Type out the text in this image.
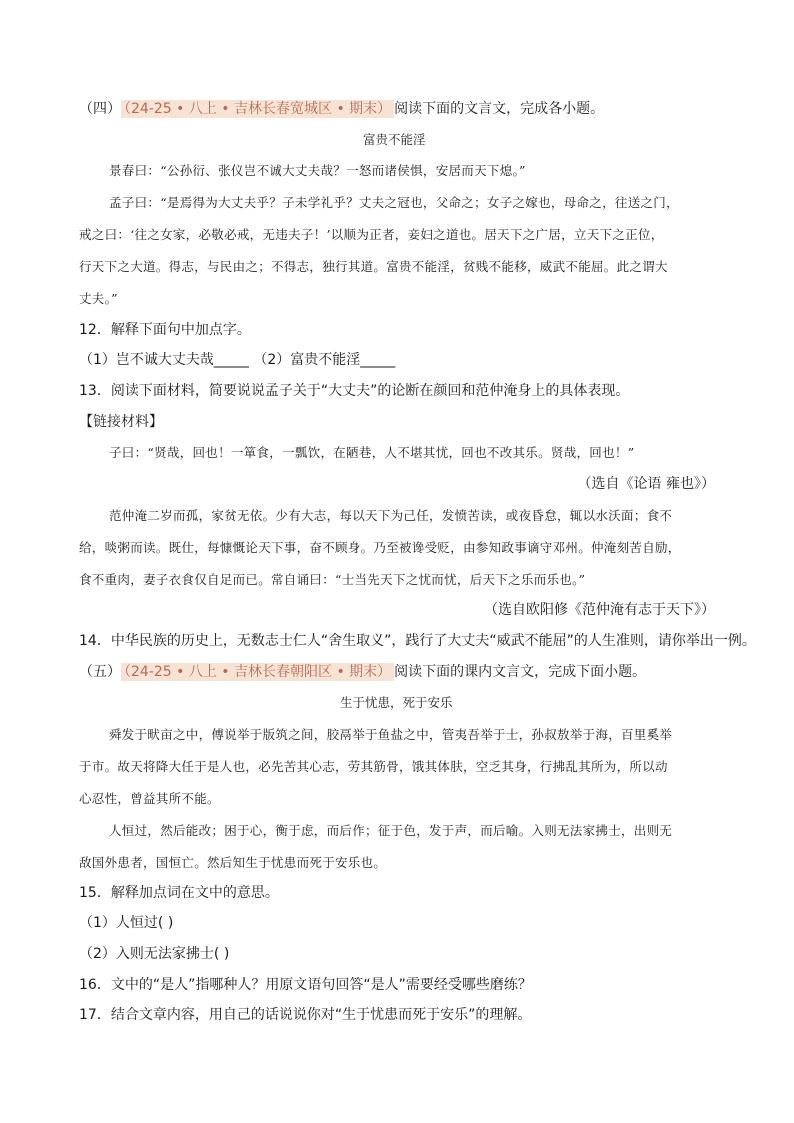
（四） （24-25 • 八上 • 吉林长春宽城区 • 期末） 阅读下面的文言文，完成各小题。
富贵不能淫
景春曰：“公孙衍、张仪岂不诚大丈夫哉？一怒而诸侯惧，安居而天下熄。”
孟子曰：“是焉得为大丈夫乎？子未学礼乎？丈夫之冠也，父命之；女子之嫁也，母命之，往送之门，
戒之曰：‘往之女家，必敬必戒，无违夫子！’以顺为正者，妾妇之道也。居天下之广居，立天下之正位，
行天下之大道。得志，与民由之；不得志，独行其道。富贵不能淫，贫贱不能移，威武不能屈。此之谓大
丈夫。”
12．解释下面句中加点字。
（1）岂不诚大丈夫哉_____ （2）富贵不能淫_____
13．阅读下面材料，简要说说孟子关于“大丈夫”的论断在颜回和范仲淹身上的具体表现。
【链接材料】
子曰：“贤哉，回也！一箪食，一瓢饮，在陋巷，人不堪其忧，回也不改其乐。贤哉，回也！”
（选自《论语 雍也》）
范仲淹二岁而孤，家贫无依。少有大志，每以天下为己任，发愤苦读，或夜昏怠，辄以水沃面；食不
给，啖粥而读。既仕，每慷慨论天下事，奋不顾身。乃至被谗受贬，由参知政事谪守邓州。仲淹刻苦自励，
食不重肉，妻子衣食仅自足而已。常自诵曰：“士当先天下之忧而忧，后天下之乐而乐也。”
（选自欧阳修《范仲淹有志于天下》）
14．中华民族的历史上，无数志士仁人“舍生取义”，践行了大丈夫“威武不能屈”的人生准则，请你举出一例。
（五） （24-25 • 八上 • 吉林长春朝阳区 • 期末） 阅读下面的课内文言文，完成下面小题。
生于忧患，死于安乐
舜发于畎亩之中，傅说举于版筑之间，胶鬲举于鱼盐之中，管夷吾举于士，孙叔敖举于海，百里奚举
于市。故天将降大任于是人也，必先苦其心志，劳其筋骨，饿其体肤，空乏其身，行拂乱其所为，所以动
心忍性，曾益其所不能。
人恒过，然后能改；困于心，衡于虑，而后作；征于色，发于声，而后喻。入则无法家拂士，出则无
敌国外患者，国恒亡。然后知生于忧患而死于安乐也。
15．解释加点词在文中的意思。
（1）人恒过( )
（2）入则无法家拂士( )
16．文中的“是人”指哪种人？用原文语句回答“是人”需要经受哪些磨练？
17．结合文章内容，用自己的话说说你对“生于忧患而死于安乐”的理解。
